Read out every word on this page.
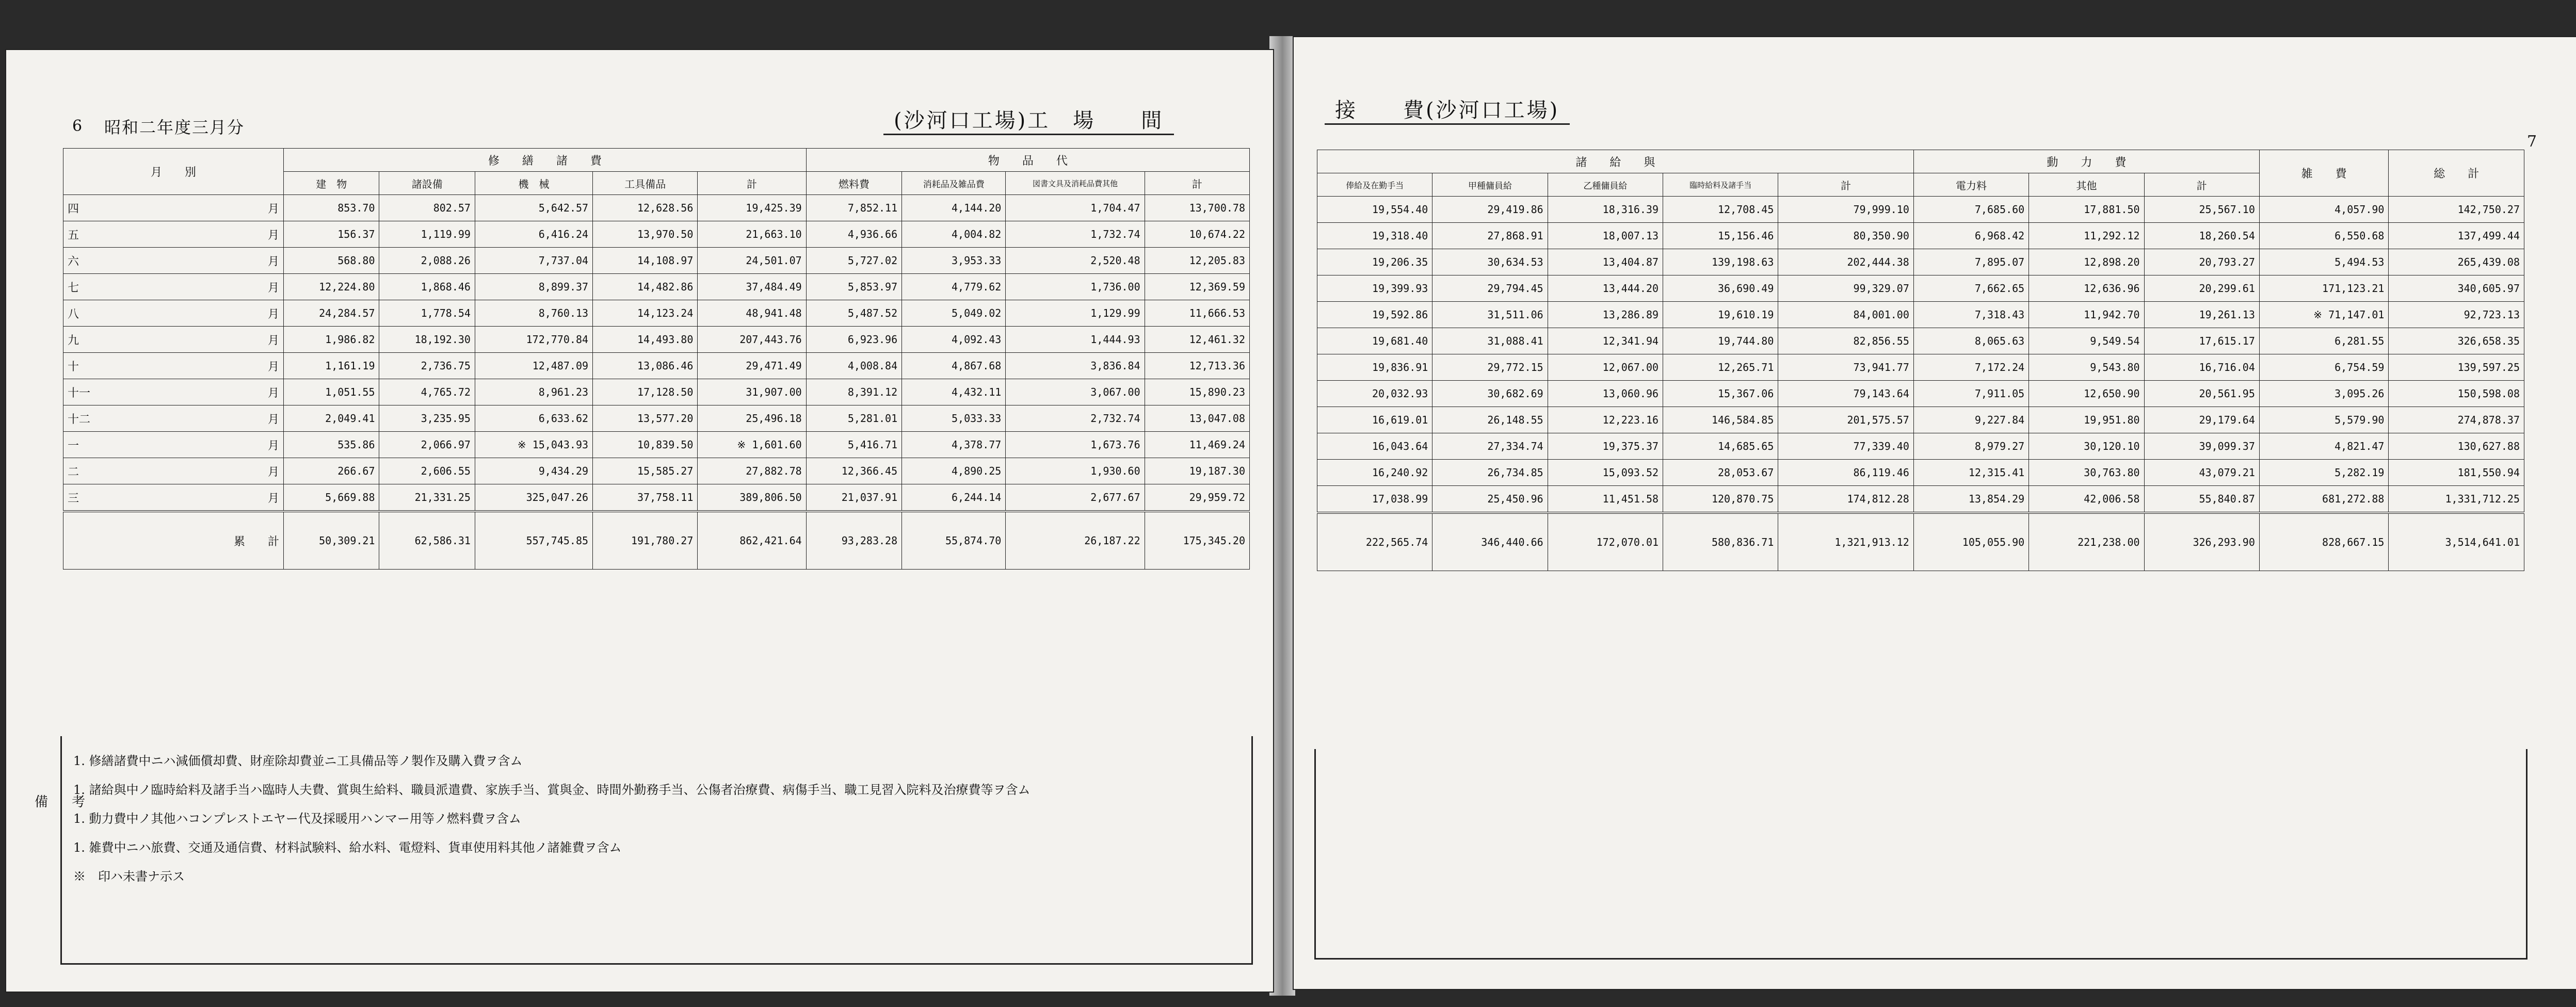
6 昭和二年度三月分	(沙河口工場)工　場　　間
月　　別	修　　繕　　諸　　費					物　　品　　代			
	建　物	諸設備	機　械	工具備品	計	燃料費	消耗品及雑品費	図書文具及消耗品費其他	計

四 月	853.70	802.57	5,642.57	12,628.56	19,425.39	7,852.11	4,144.20	1,704.47	13,700.78

五 月	156.37	1,119.99	6,416.24	13,970.50	21,663.10	4,936.66	4,004.82	1,732.74	10,674.22

六 月	568.80	2,088.26	7,737.04	14,108.97	24,501.07	5,727.02	3,953.33	2,520.48	12,205.83

七 月	12,224.80	1,868.46	8,899.37	14,482.86	37,484.49	5,853.97	4,779.62	1,736.00	12,369.59

八 月	24,284.57	1,778.54	8,760.13	14,123.24	48,941.48	5,487.52	5,049.02	1,129.99	11,666.53

九 月	1,986.82	18,192.30	172,770.84	14,493.80	207,443.76	6,923.96	4,092.43	1,444.93	12,461.32

十 月	1,161.19	2,736.75	12,487.09	13,086.46	29,471.49	4,008.84	4,867.68	3,836.84	12,713.36

十一 月	1,051.55	4,765.72	8,961.23	17,128.50	31,907.00	8,391.12	4,432.11	3,067.00	15,890.23

十二 月	2,049.41	3,235.95	6,633.62	13,577.20	25,496.18	5,281.01	5,033.33	2,732.74	13,047.08

一 月	535.86	2,066.97	※ 15,043.93	10,839.50	※ 1,601.60	5,416.71	4,378.77	1,673.76	11,469.24

二 月	266.67	2,606.55	9,434.29	15,585.27	27,882.78	12,366.45	4,890.25	1,930.60	19,187.30

三 月	5,669.88	21,331.25	325,047.26	37,758.11	389,806.50	21,037.91	6,244.14	2,677.67	29,959.72
累　　計	50,309.21	62,586.31	557,745.85	191,780.27	862,421.64	93,283.28	55,874.70	26,187.22	175,345.20
備　考
1. 修繕諸費中ニハ減価償却費、財産除却費並ニ工具備品等ノ製作及購入費ヲ含ム
1. 諸給與中ノ臨時給料及諸手当ハ臨時人夫費、賞與生給料、職員派遣費、家族手当、賞與金、時間外勤務手当、公傷者治療費、病傷手当、職工見習入院料及治療費等ヲ含ム
1. 動力費中ノ其他ハコンプレストエヤー代及採暖用ハンマー用等ノ燃料費ヲ含ム
1. 雑費中ニハ旅費、交通及通信費、材料試験料、給水料、電燈料、貨車使用料其他ノ諸雑費ヲ含ム
※　印ハ未書ナ示ス
接　　費(沙河口工場)
7
諸　　給　　與					動　　力　　費			雑　　費	総　　計
俸給及在勤手当	甲種傭員給	乙種傭員給	臨時給料及諸手当	計	電力料	其他	計		
19,554.40	29,419.86	18,316.39	12,708.45	79,999.10	7,685.60	17,881.50	25,567.10	4,057.90	142,750.27
19,318.40	27,868.91	18,007.13	15,156.46	80,350.90	6,968.42	11,292.12	18,260.54	6,550.68	137,499.44
19,206.35	30,634.53	13,404.87	139,198.63	202,444.38	7,895.07	12,898.20	20,793.27	5,494.53	265,439.08
19,399.93	29,794.45	13,444.20	36,690.49	99,329.07	7,662.65	12,636.96	20,299.61	171,123.21	340,605.97
19,592.86	31,511.06	13,286.89	19,610.19	84,001.00	7,318.43	11,942.70	19,261.13	※ 71,147.01	92,723.13
19,681.40	31,088.41	12,341.94	19,744.80	82,856.55	8,065.63	9,549.54	17,615.17	6,281.55	326,658.35
19,836.91	29,772.15	12,067.00	12,265.71	73,941.77	7,172.24	9,543.80	16,716.04	6,754.59	139,597.25
20,032.93	30,682.69	13,060.96	15,367.06	79,143.64	7,911.05	12,650.90	20,561.95	3,095.26	150,598.08
16,619.01	26,148.55	12,223.16	146,584.85	201,575.57	9,227.84	19,951.80	29,179.64	5,579.90	274,878.37
16,043.64	27,334.74	19,375.37	14,685.65	77,339.40	8,979.27	30,120.10	39,099.37	4,821.47	130,627.88
16,240.92	26,734.85	15,093.52	28,053.67	86,119.46	12,315.41	30,763.80	43,079.21	5,282.19	181,550.94
17,038.99	25,450.96	11,451.58	120,870.75	174,812.28	13,854.29	42,006.58	55,840.87	681,272.88	1,331,712.25
222,565.74	346,440.66	172,070.01	580,836.71	1,321,913.12	105,055.90	221,238.00	326,293.90	828,667.15	3,514,641.01
